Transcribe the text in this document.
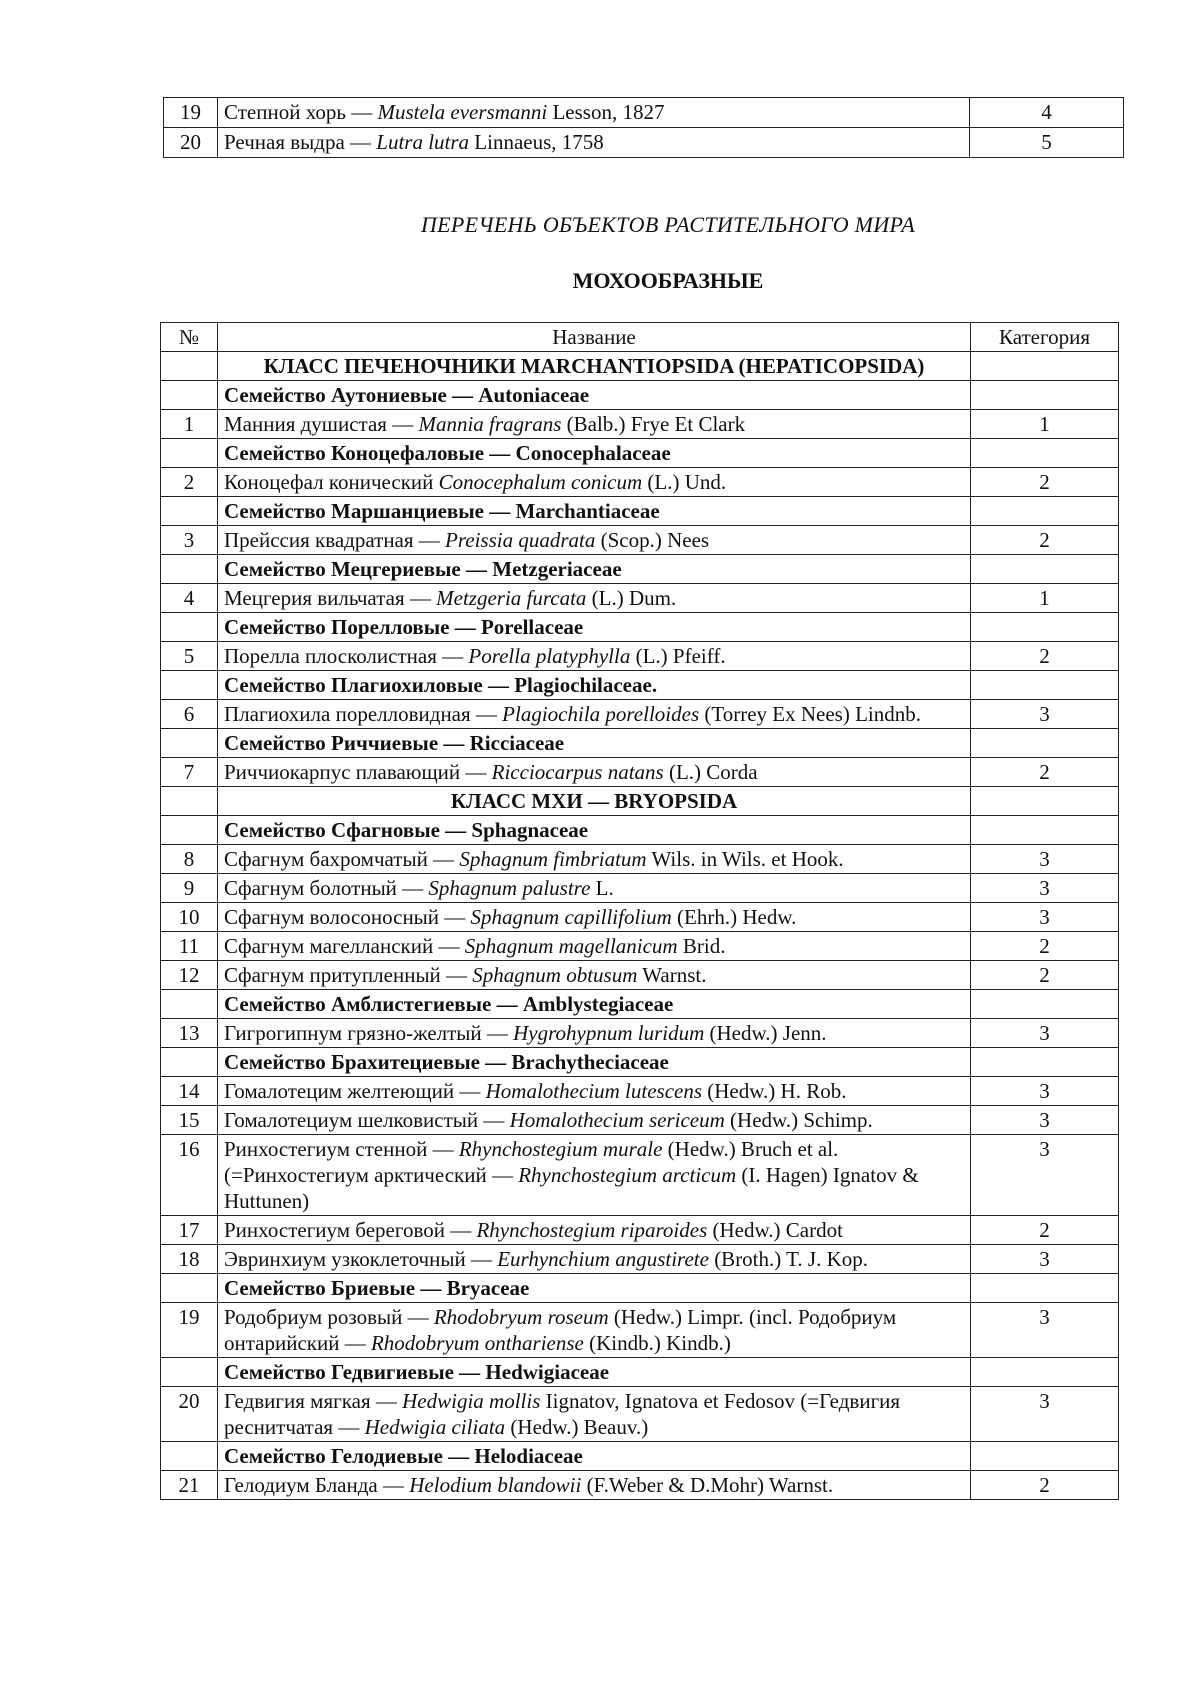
19	Степной хорь — Mustela eversmanni Lesson, 1827	4
20	Речная выдра — Lutra lutra Linnaeus, 1758	5
ПЕРЕЧЕНЬ ОБЪЕКТОВ РАСТИТЕЛЬНОГО МИРА
МОХООБРАЗНЫЕ
№	Название	Категория
	КЛАСС ПЕЧЕНОЧНИКИ MARCHANTIOPSIDA (HEPATICOPSIDA)	
	Семейство Аутониевые — Autoniaceae	
1	Манния душистая — Mannia fragrans (Balb.) Frye Et Clark	1
	Семейство Коноцефаловые — Conocephalaceae	
2	Коноцефал конический Conocephalum conicum (L.) Und.	2
	Семейство Маршанциевые — Marchantiaceae	
3	Прейссия квадратная — Preissia quadrata (Scop.) Nees	2
	Семейство Мецгериевые — Metzgeriaceae	
4	Мецгерия вильчатая — Metzgeria furcata (L.) Dum.	1
	Семейство Порелловые — Porellaceae	
5	Порелла плосколистная — Porella platyphylla (L.) Pfeiff.	2
	Семейство Плагиохиловые — Plagiochilaceae.	
6	Плагиохила порелловидная — Plagiochila porelloides (Torrey Ex Nees) Lindnb.	3
	Семейство Риччиевые — Ricciaceae	
7	Риччиокарпус плавающий — Ricciocarpus natans (L.) Corda	2
	КЛАСС МХИ — BRYOPSIDA	
	Семейство Сфагновые — Sphagnaceae	
8	Сфагнум бахромчатый — Sphagnum fimbriatum Wils. in Wils. et Hook.	3
9	Сфагнум болотный — Sphagnum palustre L.	3
10	Сфагнум волосоносный — Sphagnum capillifolium (Ehrh.) Hedw.	3
11	Сфагнум магелланский — Sphagnum magellanicum Brid.	2
12	Сфагнум притупленный — Sphagnum obtusum Warnst.	2
	Семейство Амблистегиевые — Amblystegiaceae	
13	Гигрогипнум грязно-желтый — Hygrohypnum luridum (Hedw.) Jenn.	3
	Семейство Брахитециевые — Brachytheciaceae	
14	Гомалотецим желтеющий — Homalothecium lutescens (Hedw.) H. Rob.	3
15	Гомалотециум шелковистый — Homalothecium sericeum (Hedw.) Schimp.	3
16	Ринхостегиум стенной — Rhynchostegium murale (Hedw.) Bruch et al. (=Ринхостегиум арктический — Rhynchostegium arcticum (I. Hagen) Ignatov & Huttunen)	3
17	Ринхостегиум береговой — Rhynchostegium riparoides (Hedw.) Cardot	2
18	Эвринхиум узкоклеточный — Eurhynchium angustirete (Broth.) T. J. Kop.	3
	Семейство Бриевые — Bryaceae	
19	Родобриум розовый — Rhodobryum roseum (Hedw.) Limpr. (incl. Родобриум онтарийский — Rhodobryum onthariense (Kindb.) Kindb.)	3
	Семейство Гедвигиевые — Hedwigiaceae	
20	Гедвигия мягкая — Hedwigia mollis Iignatov, Ignatova et Fedosov (=Гедвигия реснитчатая — Hedwigia ciliata (Hedw.) Beauv.)	3
	Семейство Гелодиевые — Helodiaceae	
21	Гелодиум Бланда — Helodium blandowii (F.Weber & D.Mohr) Warnst.	2
